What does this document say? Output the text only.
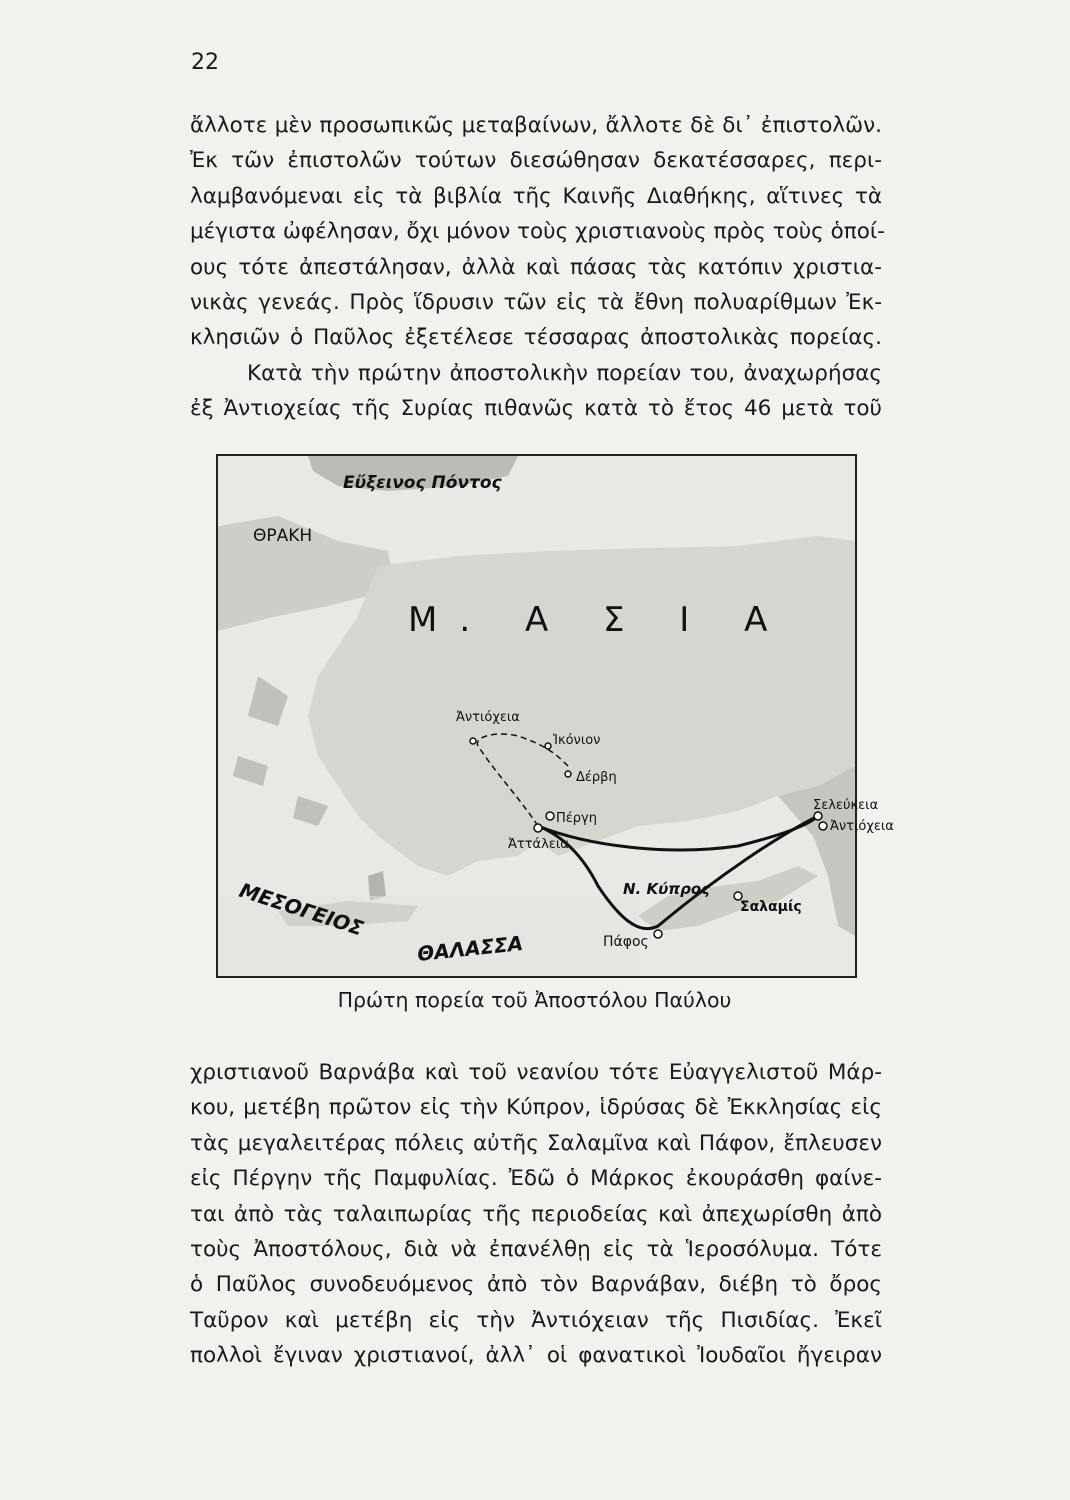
22
ἄλλοτε μὲν προσωπικῶς μεταβαίνων, ἄλλοτε δὲ δι᾽ ἐπιστολῶν.
Ἐκ τῶν ἐπιστολῶν τούτων διεσώθησαν δεκατέσσαρες, περι-
λαμβανόμεναι εἰς τὰ βιβλία τῆς Καινῆς Διαθήκης, αἵτινες τὰ
μέγιστα ὠφέλησαν, ὄχι μόνον τοὺς χριστιανοὺς πρὸς τοὺς ὁποί-
ους τότε ἀπεστάλησαν, ἀλλὰ καὶ πάσας τὰς κατόπιν χριστια-
νικὰς γενεάς. Πρὸς ἵδρυσιν τῶν εἰς τὰ ἔθνη πολυαρίθμων Ἐκ-
κλησιῶν ὁ Παῦλος ἐξετέλεσε τέσσαρας ἀποστολικὰς πορείας.
Κατὰ τὴν πρώτην ἀποστολικὴν πορείαν του, ἀναχωρήσας
ἐξ Ἀντιοχείας τῆς Συρίας πιθανῶς κατὰ τὸ ἔτος 46 μετὰ τοῦ
Εὔξεινος Πόντος
ΘΡΑΚΗ
Μ. Α Σ Ι Α
Ἀντιόχεια
Ἰκόνιον
Δέρβη
Πέργη
Ἀττάλεια
Σελεύκεια
Ἀντιόχεια
Ν. Κύπρος
Σαλαμίς
Πάφος
ΜΕΣΟΓΕΙΟΣ
ΘΑΛΑΣΣΑ
Πρώτη πορεία τοῦ Ἀποστόλου Παύλου
χριστιανοῦ Βαρνάβα καὶ τοῦ νεανίου τότε Εὐαγγελιστοῦ Μάρ-
κου, μετέβη πρῶτον εἰς τὴν Κύπρον, ἱδρύσας δὲ Ἐκκλησίας εἰς
τὰς μεγαλειτέρας πόλεις αὐτῆς Σαλαμῖνα καὶ Πάφον, ἔπλευσεν
εἰς Πέργην τῆς Παμφυλίας. Ἐδῶ ὁ Μάρκος ἐκουράσθη φαίνε-
ται ἀπὸ τὰς ταλαιπωρίας τῆς περιοδείας καὶ ἀπεχωρίσθη ἀπὸ
τοὺς Ἀποστόλους, διὰ νὰ ἐπανέλθῃ εἰς τὰ Ἱεροσόλυμα. Τότε
ὁ Παῦλος συνοδευόμενος ἀπὸ τὸν Βαρνάβαν, διέβη τὸ ὄρος
Ταῦρον καὶ μετέβη εἰς τὴν Ἀντιόχειαν τῆς Πισιδίας. Ἐκεῖ
πολλοὶ ἔγιναν χριστιανοί, ἀλλ᾽ οἱ φανατικοὶ Ἰουδαῖοι ἤγειραν
